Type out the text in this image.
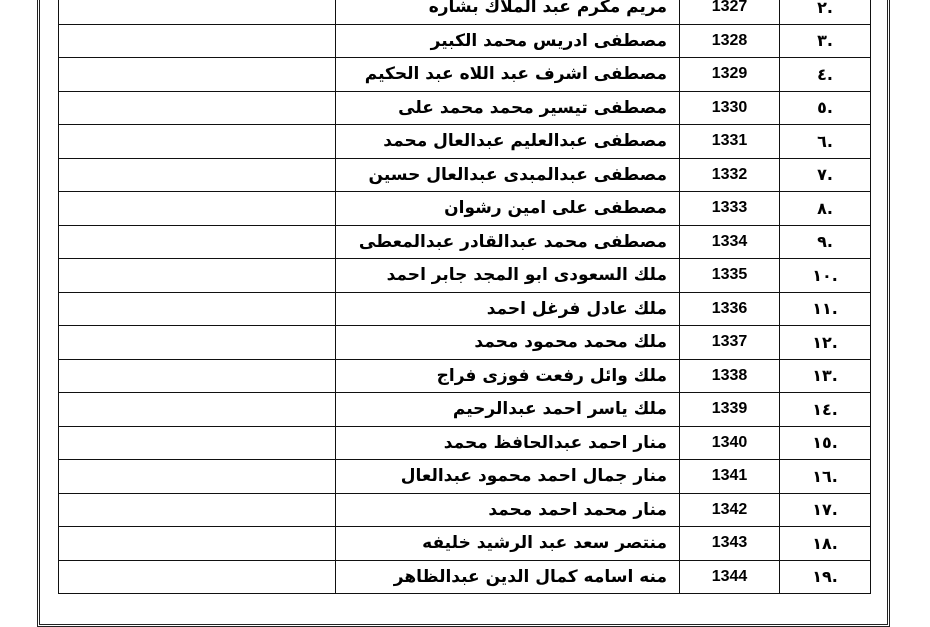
	مريم مكرم عبد الملاك بشاره	1327	.٢
	مصطفى ادريس محمد الكبير	1328	.٣
	مصطفى اشرف عبد اللاه عبد الحكيم	1329	.٤
	مصطفى تيسير محمد محمد على	1330	.٥
	مصطفى عبدالعليم عبدالعال محمد	1331	.٦
	مصطفى عبدالمبدى عبدالعال حسين	1332	.٧
	مصطفى على امين رشوان	1333	.٨
	مصطفى محمد عبدالقادر عبدالمعطى	1334	.٩
	ملك السعودى ابو المجد جابر احمد	1335	.١٠
	ملك عادل فرغل احمد	1336	.١١
	ملك محمد محمود محمد	1337	.١٢
	ملك وائل رفعت فوزى فراج	1338	.١٣
	ملك ياسر احمد عبدالرحيم	1339	.١٤
	منار احمد عبدالحافظ محمد	1340	.١٥
	منار جمال احمد محمود عبدالعال	1341	.١٦
	منار محمد احمد محمد	1342	.١٧
	منتصر سعد عبد الرشيد خليفه	1343	.١٨
	منه اسامه كمال الدين عبدالظاهر	1344	.١٩
